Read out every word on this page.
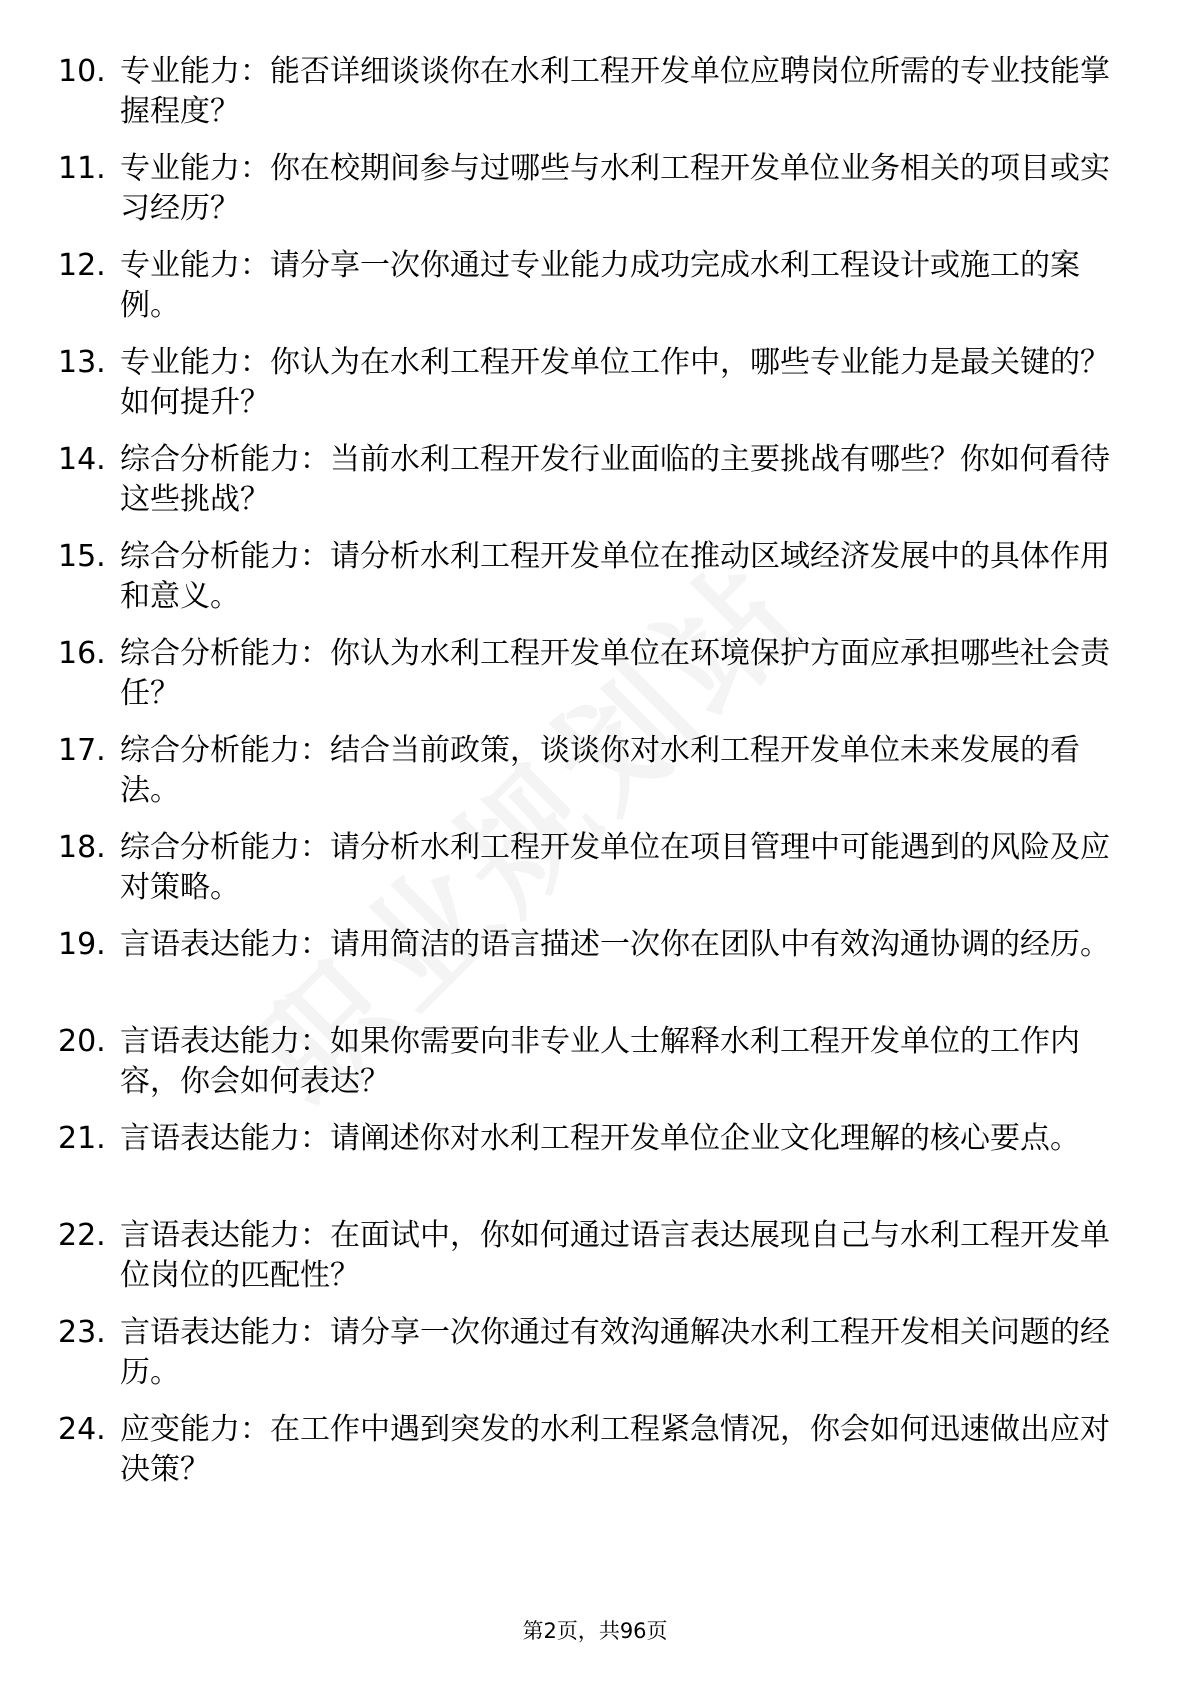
10. 专业能力：能否详细谈谈你在水利工程开发单位应聘岗位所需的专业技能掌握程度？
11. 专业能力：你在校期间参与过哪些与水利工程开发单位业务相关的项目或实习经历？
12. 专业能力：请分享一次你通过专业能力成功完成水利工程设计或施工的案例。
13. 专业能力：你认为在水利工程开发单位工作中，哪些专业能力是最关键的？如何提升？
14. 综合分析能力：当前水利工程开发行业面临的主要挑战有哪些？你如何看待这些挑战？
15. 综合分析能力：请分析水利工程开发单位在推动区域经济发展中的具体作用和意义。
16. 综合分析能力：你认为水利工程开发单位在环境保护方面应承担哪些社会责任？
17. 综合分析能力：结合当前政策，谈谈你对水利工程开发单位未来发展的看法。
18. 综合分析能力：请分析水利工程开发单位在项目管理中可能遇到的风险及应对策略。
19. 言语表达能力：请用简洁的语言描述一次你在团队中有效沟通协调的经历。
20. 言语表达能力：如果你需要向非专业人士解释水利工程开发单位的工作内容，你会如何表达？
21. 言语表达能力：请阐述你对水利工程开发单位企业文化理解的核心要点。
22. 言语表达能力：在面试中，你如何通过语言表达展现自己与水利工程开发单位岗位的匹配性？
23. 言语表达能力：请分享一次你通过有效沟通解决水利工程开发相关问题的经历。
24. 应变能力：在工作中遇到突发的水利工程紧急情况，你会如何迅速做出应对决策？
第2页，共96页
